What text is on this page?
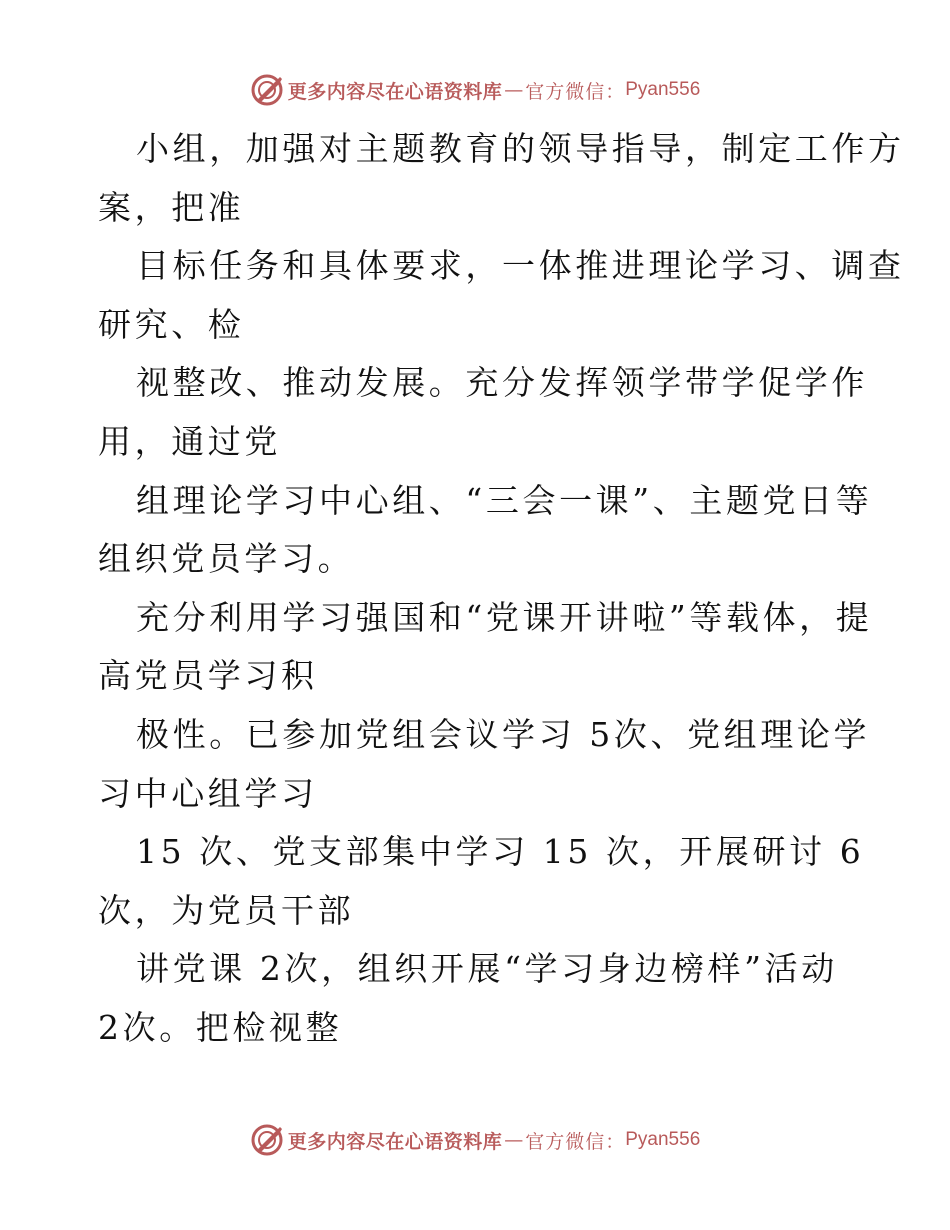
更多内容尽在心语资料库 — 官方微信： Pyan556

小组，加强对主题教育的领导指导，制定工作方
案，把准

目标任务和具体要求，一体推进理论学习、调查
研究、检

视整改、推动发展。充分发挥领学带学促学作
用，通过党

组理论学习中心组、“三会一课”、主题党日等
组织党员学习。

充分利用学习强国和“党课开讲啦”等载体，提
高党员学习积

极性。已参加党组会议学习 5次、党组理论学
习中心组学习

15 次、党支部集中学习 15 次，开展研讨 6
次，为党员干部

讲党课 2次，组织开展“学习身边榜样”活动
2次。把检视整

更多内容尽在心语资料库 — 官方微信： Pyan556
